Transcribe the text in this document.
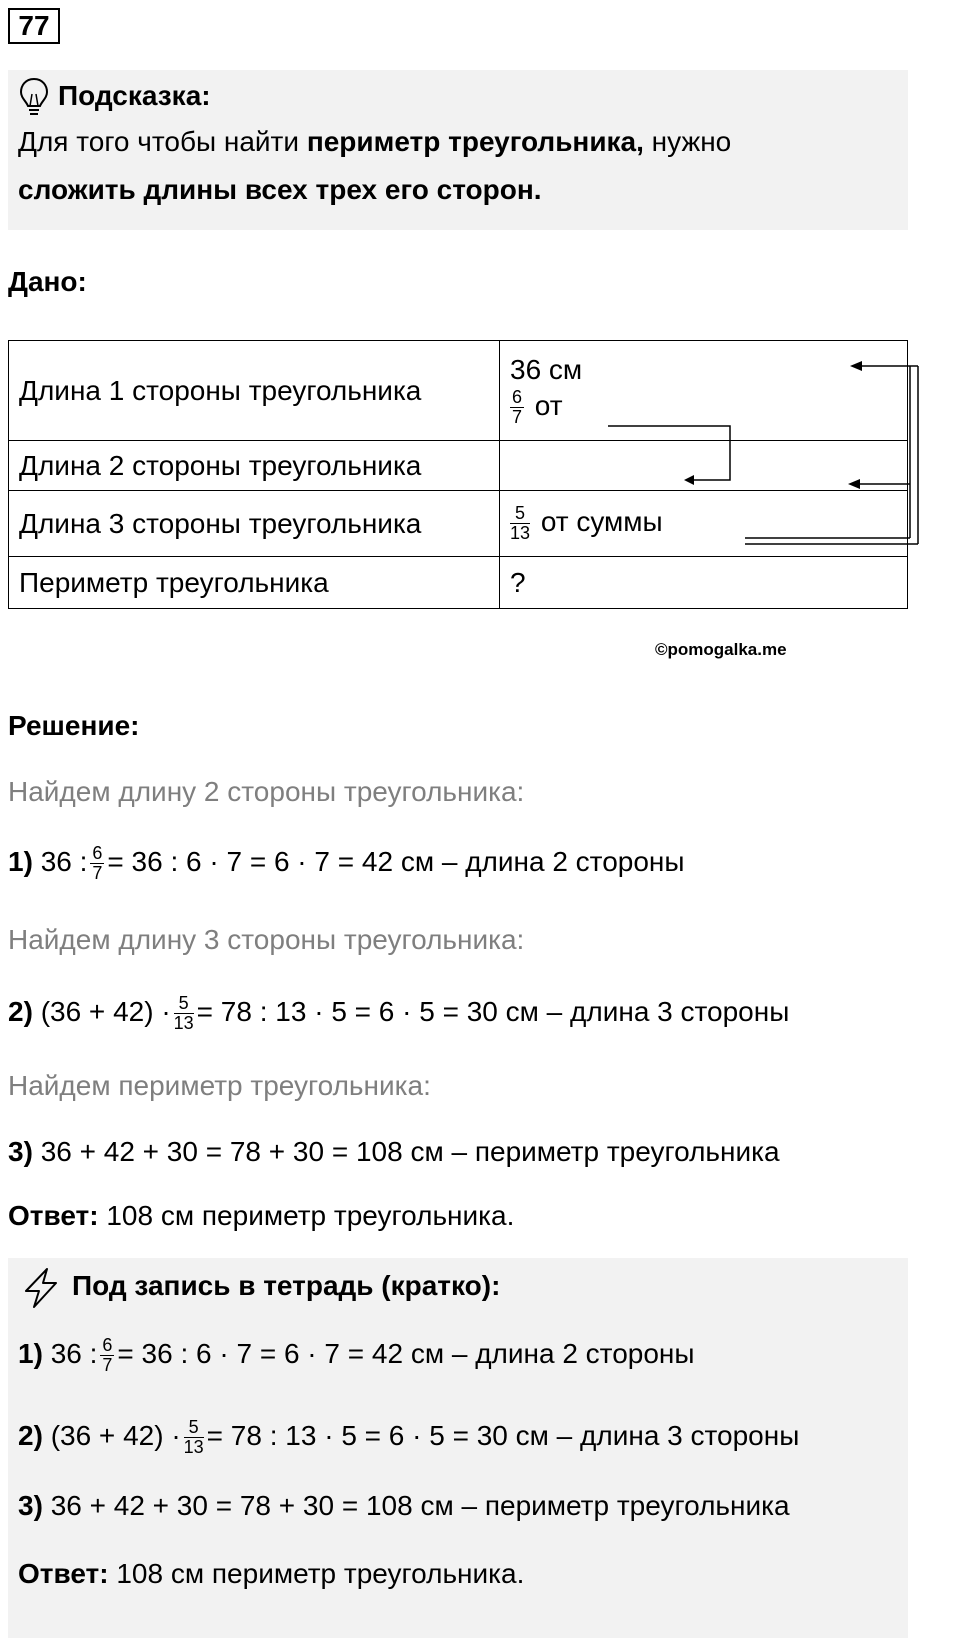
77
Подсказка:
Для того чтобы найти периметр треугольника, нужно
сложить длины всех трех его сторон.
Дано:
Длина 1 стороны треугольника	36 см
$\frac{6}{7}$ от

Длина 2 стороны треугольника	
Длина 3 стороны треугольника	$\frac{5}{13}$ от суммы
Периметр треугольника	?
©pomogalka.me
Решение:
Найдем длину 2 стороны треугольника:
1) 36 : $\frac{6}{7} = 36$ : 6 · 7 = 6 · 7 = 42 см – длина 2 стороны
Найдем длину 3 стороны треугольника:
2) $(36 + 42) \cdot \frac{5}{13} = 78$ : 13 · 5 = 6 · 5 = 30 см – длина 3 стороны
Найдем периметр треугольника:
3) 36 + 42 + 30 = 78 + 30 = 108 см – периметр треугольника
Ответ: 108 см периметр треугольника.
Под запись в тетрадь (кратко):
1) 36 : $\frac{6}{7} = 36$ : 6 · 7 = 6 · 7 = 42 см – длина 2 стороны
2) $(36 + 42) \cdot \frac{5}{13} = 78$ : 13 · 5 = 6 · 5 = 30 см – длина 3 стороны
3) 36 + 42 + 30 = 78 + 30 = 108 см – периметр треугольника
Ответ: 108 см периметр треугольника.
